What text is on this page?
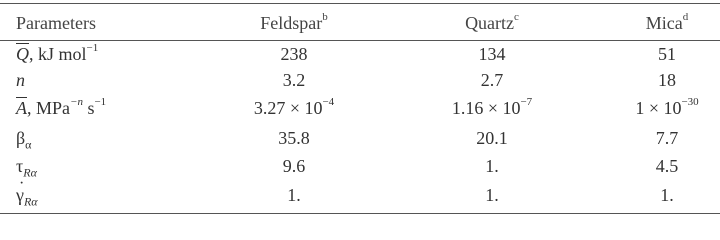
Parameters	Feldspar$^b$	Quartz$^c$	Mica$^d$
$\overline{Q}$, kJ mol$^{-1}$	238	134	51
n	3.2	2.7	18
$\overline{A}$, MPa$^{-n}$ $s^{-1}$	$3.27 \times 10^{-4}$	$1.16 \times 10^{-7}$	$1 \times 10^{-30}$
$\beta_\alpha$	35.8	20.1	7.7
$\tau_{R\alpha}$	9.6	1.	4.5
· $\gamma_{R\alpha}$	1.	1.	1.
